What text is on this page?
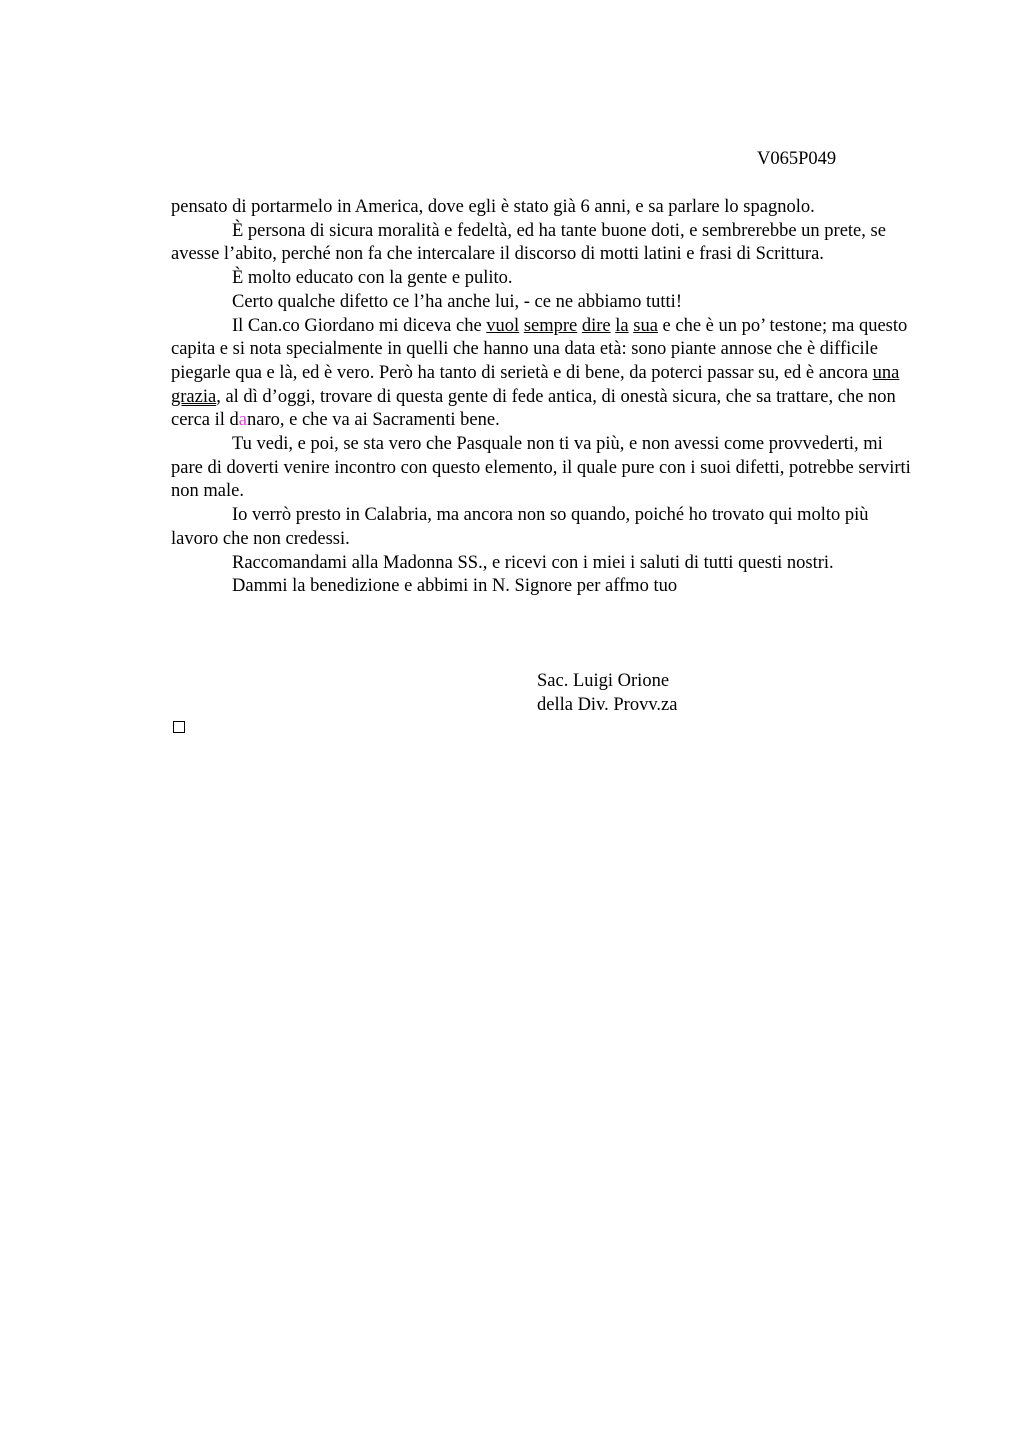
V065P049

pensato di portarmelo in America, dove egli è stato già 6 anni, e sa parlare lo spagnolo.

È persona di sicura moralità e fedeltà, ed ha tante buone doti, e sembrerebbe un prete, se avesse l’abito, perché non fa che intercalare il discorso di motti latini e frasi di Scrittura.

È molto educato con la gente e pulito.

Certo qualche difetto ce l’ha anche lui, - ce ne abbiamo tutti!

Il Can.co Giordano mi diceva che vuol sempre dire la sua e che è un po’ testone; ma questo capita e si nota specialmente in quelli che hanno una data età: sono piante annose che è difficile piegarle qua e là, ed è vero. Però ha tanto di serietà e di bene, da poterci passar su, ed è ancora una grazia, al dì d’oggi, trovare di questa gente di fede antica, di onestà sicura, che sa trattare, che non cerca il danaro, e che va ai Sacramenti bene.

Tu vedi, e poi, se sta vero che Pasquale non ti va più, e non avessi come provvederti, mi pare di doverti venire incontro con questo elemento, il quale pure con i suoi difetti, potrebbe servirti non male.

Io verrò presto in Calabria, ma ancora non so quando, poiché ho trovato qui molto più lavoro che non credessi.

Raccomandami alla Madonna SS., e ricevi con i miei i saluti di tutti questi nostri.

Dammi la benedizione e abbimi in N. Signore per affmo tuo

Sac. Luigi Orione
della Div. Provv.za
